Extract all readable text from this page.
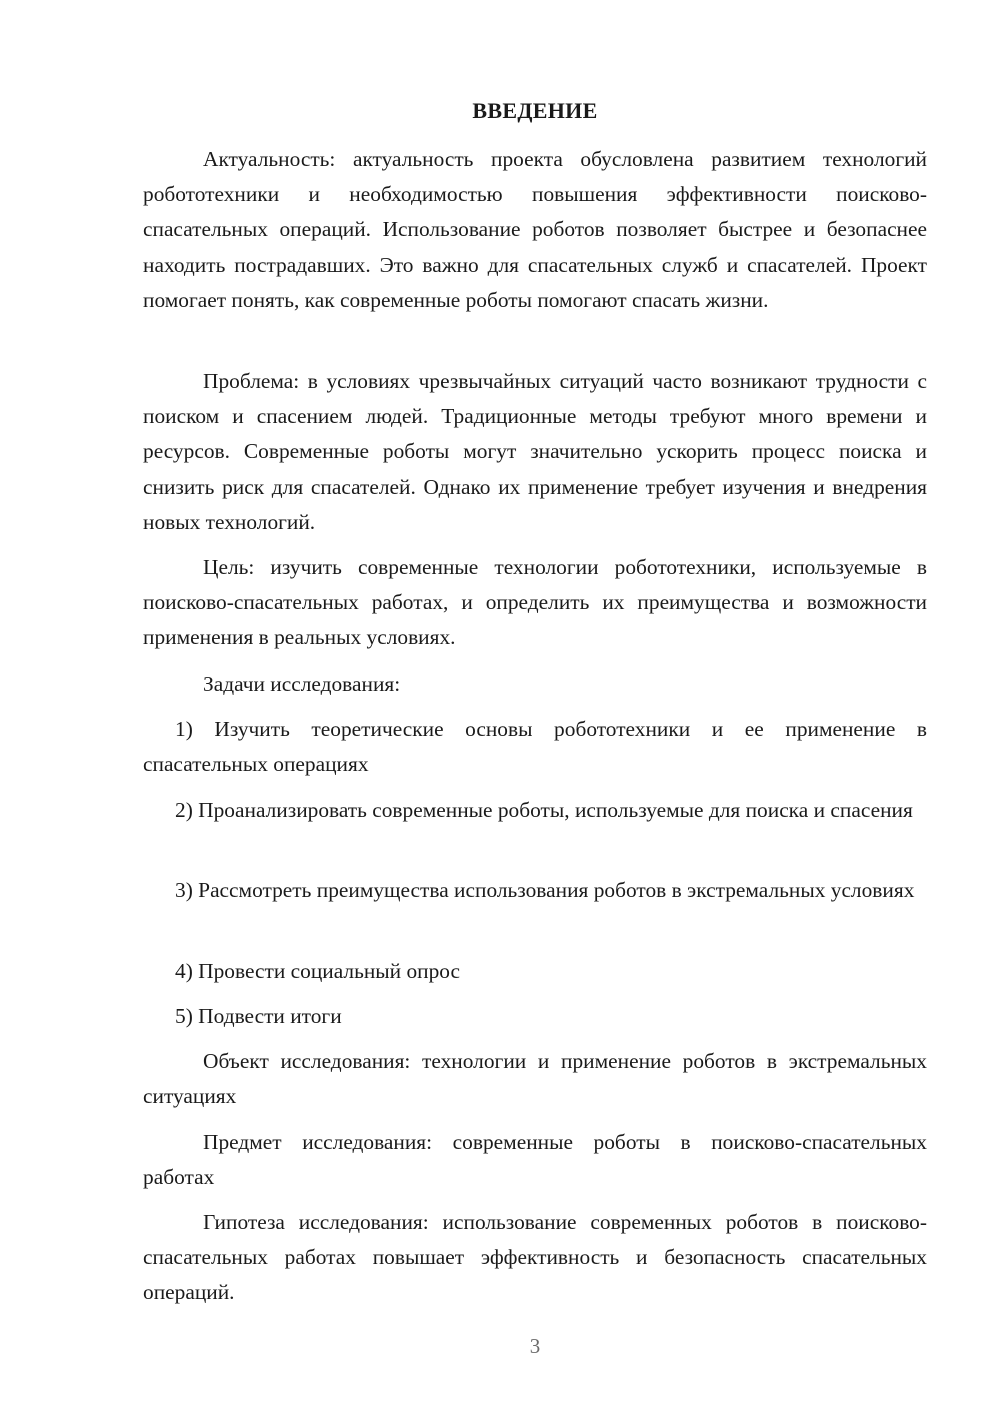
ВВЕДЕНИЕ
Актуальность: актуальность проекта обусловлена развитием технологий робототехники и необходимостью повышения эффективности поисково-спасательных операций. Использование роботов позволяет быстрее и безопаснее находить пострадавших. Это важно для спасательных служб и спасателей. Проект помогает понять, как современные роботы помогают спасать жизни.
Проблема: в условиях чрезвычайных ситуаций часто возникают трудности с поиском и спасением людей. Традиционные методы требуют много времени и ресурсов. Современные роботы могут значительно ускорить процесс поиска и снизить риск для спасателей. Однако их применение требует изучения и внедрения новых технологий.
Цель: изучить современные технологии робототехники, используемые в поисково-спасательных работах, и определить их преимущества и возможности применения в реальных условиях.
Задачи исследования:
1) Изучить теоретические основы робототехники и ее применение в спасательных операциях
2) Проанализировать современные роботы, используемые для поиска и спасения
3) Рассмотреть преимущества использования роботов в экстремальных условиях
4) Провести социальный опрос
5) Подвести итоги
Объект исследования: технологии и применение роботов в экстремальных ситуациях
Предмет исследования: современные роботы в поисково-спасательных работах
Гипотеза исследования: использование современных роботов в поисково-спасательных работах повышает эффективность и безопасность спасательных операций.
3
